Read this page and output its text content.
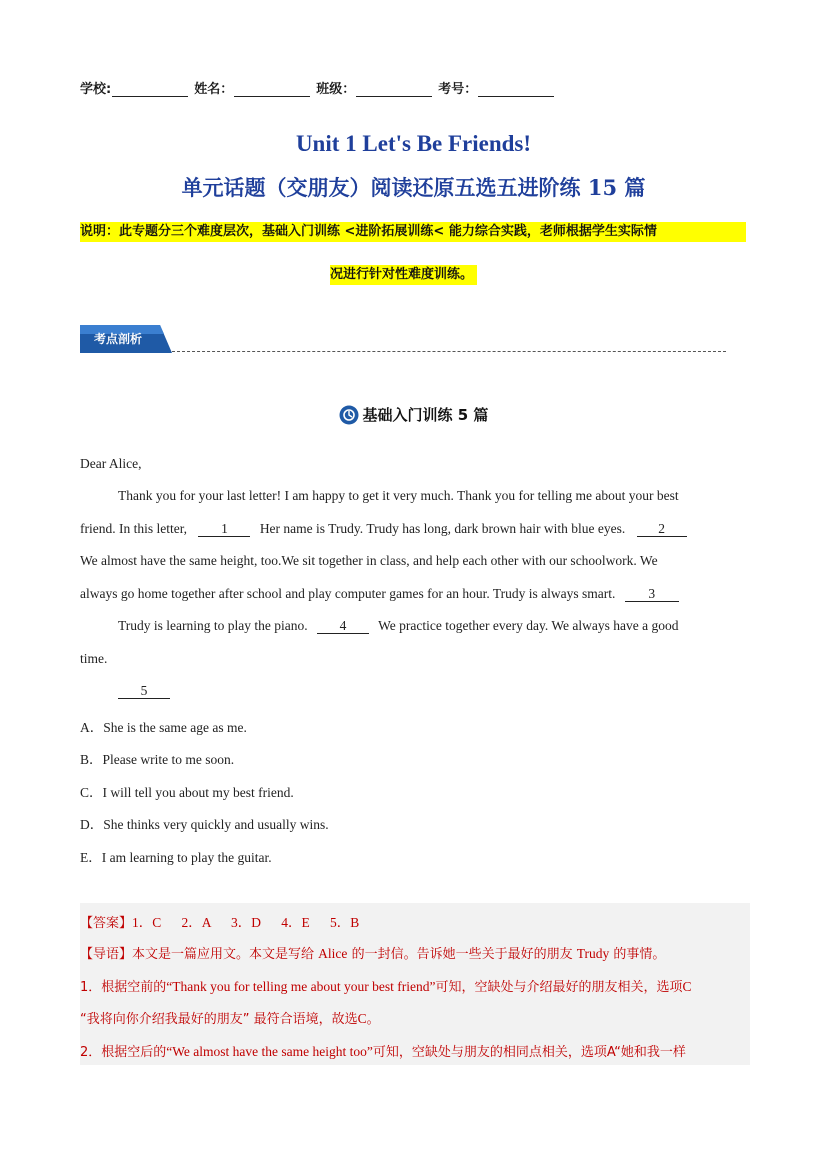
学校:	姓名：	班级：	考号：
Unit 1 Let's Be Friends!
单元话题（交朋友）阅读还原五选五进阶练 15 篇
说明：此专题分三个难度层次，基础入门训练 <进阶拓展训练< 能力综合实践，老师根据学生实际情
况进行针对性难度训练。
考点剖析
基础入门训练 5 篇
Dear Alice,
Thank you for your last letter! I am happy to get it very much. Thank you for telling me about your best
friend. In this letter,	1 Her name is Trudy. Trudy has long, dark brown hair with blue eyes. 2
We almost have the same height, too.We sit together in class, and help each other with our schoolwork. We
always go home together after school and play computer games for an hour. Trudy is always smart. 3
Trudy is learning to play the piano. 4 We practice together every day. We always have a good
time.
5
A．She is the same age as me.
B．Please write to me soon.
C．I will tell you about my best friend.
D．She thinks very quickly and usually wins.
E．I am learning to play the guitar.
【答案】1．C      2．A      3．D      4．E      5．B
【导语】本文是一篇应用文。本文是写给 Alice 的一封信。告诉她一些关于最好的朋友 Trudy 的事情。
1．根据空前的“Thank you for telling me about your best friend”可知，空缺处与介绍最好的朋友相关，选项C
“我将向你介绍我最好的朋友” 最符合语境，故选C。
2．根据空后的“We almost have the same height too”可知，空缺处与朋友的相同点相关，选项A“她和我一样
